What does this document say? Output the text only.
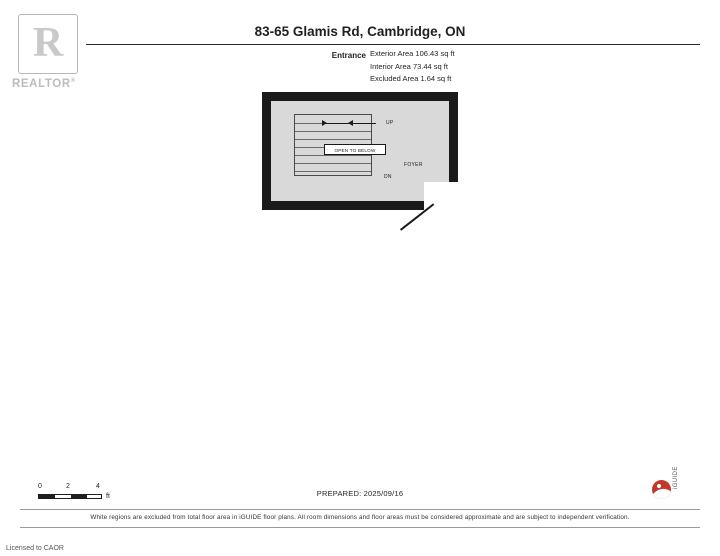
R
REALTOR®
83-65 Glamis Rd, Cambridge, ON
Entrance Exterior Area 106.43 sq ft
Interior Area 73.44 sq ft
Excluded Area 1.64 sq ft
OPEN TO BELOW
UP
DN
FOYER
0	2	4
ft	PREPARED: 2025/09/16
iGUIDE
White regions are excluded from total floor area in iGUIDE floor plans. All room dimensions and floor areas must be considered approximate and are subject to independent verification.
Licensed to CAOR
